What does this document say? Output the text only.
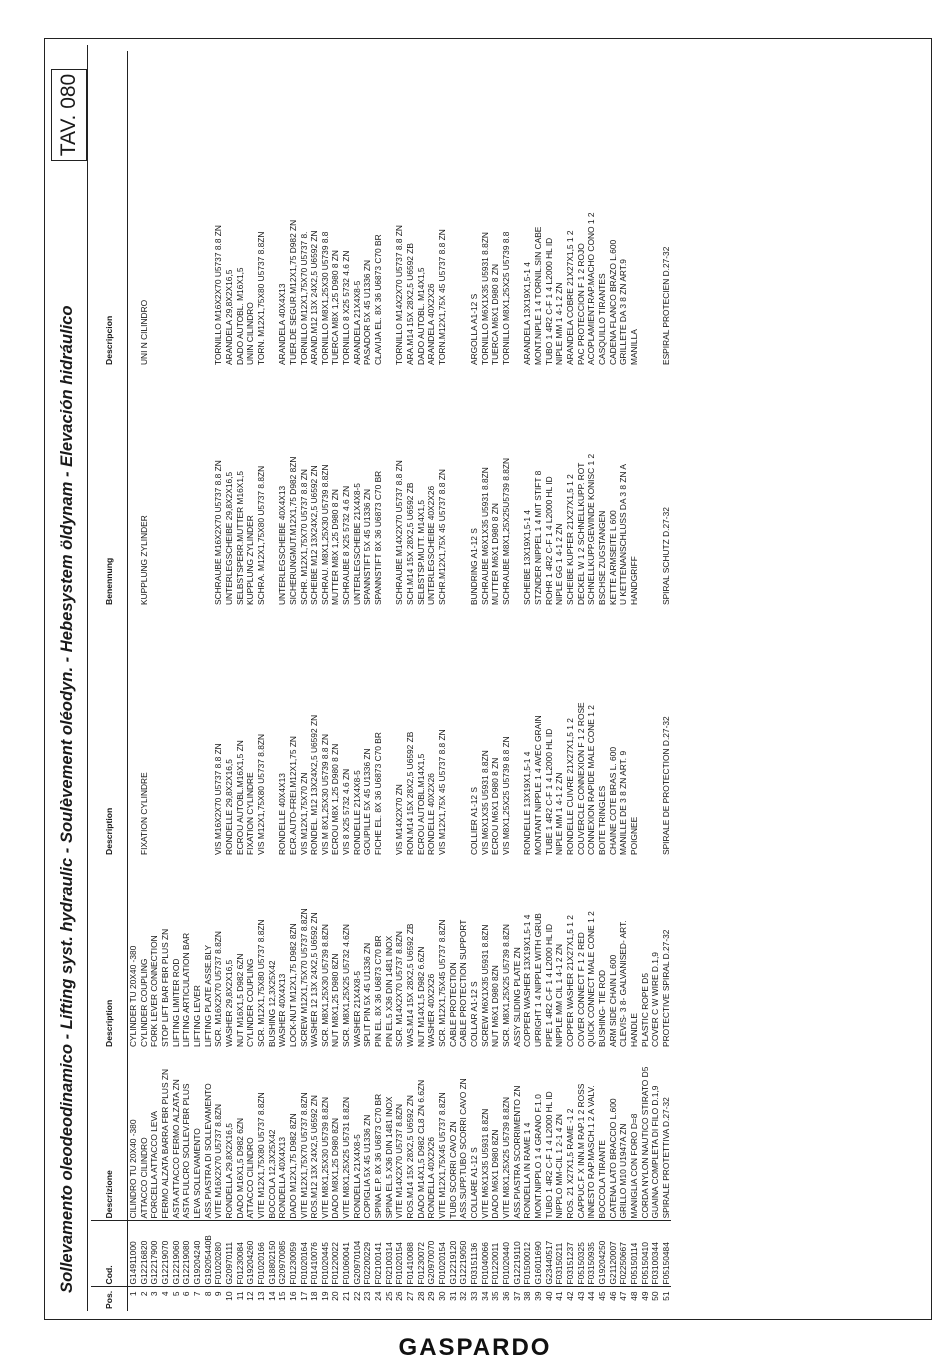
Sollevamento oleodeodinamico - Lifting syst. hydraulic - Soulèvement oléodyn. - Hebesystem öldynam - Elevación hidráulico
TAV. 080
Pos.	Cod.	Descrizione	Description	Description	Benennung	Descripcion
1	G14911000	CILINDRO TU 20X40 -380	CYLINDER TU 20X40 -380			
2	G12216820	ATTACCO CILINDRO	CYLINDER COUPLING	FIXATION CYLINDRE	KUPPLUNG ZYLINDER	UNI N CILINDRO
3	G12217900	FORCELLA ATTACCO LEVA	FORK LEVER CONNECTION			
4	G12219070	FERMO ALZATA BARRA FBR PLUS ZN	STOP LIFT BAR FBR PLUS ZN			
5	G12219060	ASTA ATTACCO FERMO ALZATA ZN	LIFTING LIMITER ROD			
6	G12219080	ASTA FULCRO SOLLEV.FBR PLUS	LIFTING ARTICULATION BAR			
7	G19204240	LEVA SOLLEVAMENTO	LIFTING LEVER			
8	G19205440B	ASS.PIASTRA DI SOLLEVAMENTO	LIFTING PLATE ASSE.BLY			
9	F01020280	VITE M16X2X70 U5737 8.8ZN	SCR. M16X2X70 U5737 8.8ZN	VIS M16X2X70 U5737 8.8 ZN	SCHRAUBE M16X2X70 U5737 8.8 ZN	TORNILLO M16X2X70 U5737 8.8 ZN
10	G20970111	RONDELLA 29,8X2X16,5	WASHER 29,8X2X16,5	RONDELLE 29,8X2X16,5	UNTERLEGSCHEIBE 29,8X2X16,5	ARANDELA 29,8X2X16,5
11	F01230084	DADO M16X1,5 D982 6ZN	NUT M16X1,5 D982 6ZN	ECROU AUTOBL.M16X1,5 ZN	SELBSTSPERR.MUTTER M16X1,5	DADO AUTOBL. M16X1,5
12	G19204260	ATTACCO CILINDRO	CYLINDER COUPLING	FIXATION CYLINDRE	KUPPLUNG ZYLINDER	UNIN CILINDRO
13	F01020166	VITE M12X1,75X80 U5737 8.8ZN	SCR. M12X1,75X80 U5737 8.8ZN	VIS M12X1,75X80 U5737 8.8ZN	SCHRA. M12X1,75X80 U5737 8.8ZN	TORN. M12X1,75X80 U5737 8.8ZN
14	G18802150	BOCCOLA 12,3X25X42	BUSHING 12,3X25X42			
15	G20970085	RONDELLA 40X4X13	WASHER 40X4X13	RONDELLE 40X4X13	UNTERLEGSCHEIBE 40X4X13	ARANDELA 40X4X13
16	F01230059	DADO M12X1,75 D982 8ZN	LOCK-NUT M12X1,75 D982 8ZN	ECR.AUTO-FREI.M12X1,75 ZN	SICHERUNGMUT.M12X1,75 D982 8ZN	TUER.DE SEGUR.M12X1,75 D982 ZN
17	F01020164	VITE M12X1,75X70 U5737 8.8ZN	SCREW M12X1,75X70 U5737 8.8ZN	VIS M12X1,75X70 ZN	SCHR. M12X1,75X70 U5737 8.8 ZN	TORNILLO M12X1,75X70 U5737 8.
18	F01410076	ROS.M12 13X 24X2,5 U6592 ZN	WASHER 12 13X 24X2,5 U6592 ZN	RONDEL. M12 13X24X2,5 U6592 ZN	SCHEIBE M12 13X24X2,5 U6592 ZN	ARAND.M12 13X 24X2,5 U6592 ZN
19	F01020445	VITE M8X1,25X30 U5739 8.8ZN	SCR. M8X1,25X30 U5739 8.8ZN	VIS M 8X1,25X30 U5739 8.8 ZN	SCHRAU. M8X1,25X30 U5739 8.8ZN	TORNILLO M8X1,25X30 U5739 8.8
20	F01220022	DADO M8X1,25 D980 8ZN	NUT M8X1,25 D980 8ZN	ECROU M8X 1,25 D980 8 ZN	MUTTER M8X 1,25 D980 8 ZN	TUERCA M8X 1,25 D980 8 ZN
21	F01060041	VITE M8X1,25X25 U5731 8.8ZN	SCR. M8X1,25X25 U5732 4.6ZN	VIS 8 X25 5732 4.6 ZN	SCHRAUBE 8 X25 5732 4.6 ZN	TORNILLO 8 X25 5732 4.6 ZN
22	G20970104	RONDELLA 21X4X8-5	WASHER 21X4X8-5	RONDELLE 21X4X8-5	UNTERLEGSCHEIBE 21X4X8-5	ARANDELA 21X4X8-5
23	F02200229	COPIGLIA 5X 45 U1336 ZN	SPLIT PIN 5X 45 U1336 ZN	GOUPILLE 5X 45 U1336 ZN	SPANNSTIFT 5X 45 U1336 ZN	PASADOR 5X 45 U1336 ZN
24	F02100141	SPINA E.P. 8X 36 U6873 C70 BR	PIN EL. 8X 36 U6873 C70 BR	FICHE EL. 8X 36 U6873 C70 BR	SPANNSTIFT 8X 36 U6873 C70 BR	CLAVIJA EL. 8X 36 U6873 C70 BR
25	F02100314	SPINA EL.5 X36 DIN 1481 INOX	PIN EL.5 X36 DIN 1481 INOX			
26	F01020154	VITE M14X2X70 U5737 8.8ZN	SCR. M14X2X70 U5737 8.8ZN	VIS M14X2X70 ZN	SCHRAUBE M14X2X70 U5737 8.8 ZN	TORNILLO M14X2X70 U5737 8.8 ZN
27	F01410088	ROS.M14 15X 28X2,5 U6592 ZN	WAS.M14 15X 28X2,5 U6592 ZB	RON.M14 15X 28X2,5 U6592 ZB	SCH.M14 15X 28X2,5 U6592 ZB	ARA.M14 15X 28X2,5 U6592 ZB
28	F01230072	DADO M14X1,5 D982 CL8 ZN 6.6ZN	NUT M14X1,5 D982 6.6ZN	ECROU AUTOBL.M14X1,5	SELBSTSP.MUTT. M14X1,5	DADO AUTOBL. M14X1,5
29	G20970070	RONDELLA 40X2X26	WASHER 40X2X26	RONDELLE 40X2X26	UNTERLEGSCHEIBE 40X2X26	ARANDELA 40X2X26
30	F01020154	VITE M12X1,75X45 U5737 8.8ZN	SCR. M12X1,75X45 U5737 8.8ZN	VIS M12X1,75X 45 U5737 8.8 ZN	SCHR.M12X1,75X 45 U5737 8.8 ZN	TORN.M12X1,75X 45 U5737 8.8 ZN
31	G12219120	TUBO SCORRI CAVO ZN	CABLE PROTECTION			
32	G12219050	ASS.SUPP.TUBO SCORRI CAVO ZN	CABLE PROTECTION SUPPORT			
33	F03151136	COLLARE A1-12 S	COLLAR A1-12 S	COLLIER A1-12 S	BUNDRING A1-12 S	ARGOLLA A1-12 S
34	F01040066	VITE M6X1X35 U5931 8.8ZN	SCREW M6X1X35 U5931 8.8ZN	VIS M6X1X35 U5931 8.8ZN	SCHRAUBE M6X1X35 U5931 8.8ZN	TORNILLO M6X1X35 U5931 8.8ZN
35	F01220011	DADO M6X1 D980 8ZN	NUT M6X1 D980 8ZN	ECROU M6X1 D980 8 ZN	MUTTER M6X1 D980 8 ZN	TUERCA M6X1 D980 8 ZN
36	F01020440	VITE M8X1,25X25 U5739 8.8ZN	SCR. M8X1,25X25 U5739 8.8ZN	VIS M8X1,25X25 U5739 8.8 ZN	SCHRAUBE M8X1,25X25U5739 8.8ZN	TORNILLO M8X1,25X25 U5739 8.8
37	G12219110	ASS.PIASTRA SCORRIMENTO ZN	ASSY SLIDING PLATE ZN			
38	F01500012	RONDELLA IN RAME 1 4	COPPER WASHER 13X19X1,5-1 4	RONDELLE 13X19X1,5-1 4	SCHEIBE 13X19X1,5-1 4	ARANDELA 13X19X1,5-1 4
39	G16011690	MONT.NIPPLO 1 4 GRANO F.1.0	UPRIGHT 1 4 NIPPLE WITH GRUB	MONTANT NIPPLE 1 4 AVEC GRAIN	STZNDER NIPPEL 1 4 MIT STIFT 8	MONT.NIPLE 1 4 TORNIL.SIN CABE
40	G23440517	TUBO 1 4R2 C-F 1 4 L2000 HL ID	PIPE 1 4R2 C-F 1 4 L2000 HL ID	TUBE 1 4R2 C-F 1 4 L2000 HL ID	ROHR 1 4R2 C-F 1 4 L2000 HL ID	TUBO 1 4R2 C-F 1 4 L2000 HL ID
41	F03150211	NIPPLO MM-CIL 1 2-1 4 ZN	NIPPLE MM CIL 1 4-1 2 ZN	NIPLE MM 1 4-1 2 ZN	NIPLE GG 1 4-1 2 ZN	NIPLE MM 1 4-1 2 ZN
42	F03151237	ROS. 21 X27X1,5 RAME -1 2	COPPER WASHER 21X27X1,5 1 2	RONDELLE CUIVRE 21X27X1,5 1 2	SCHEIBE KUPFER 21X27X1,5 1 2	ARANDELA COBRE 21X27X1,5 1 2
43	F05150325	CAPPUC.F X INN.M RAP.1 2 ROSS	COVER CONNECT F 1 2 RED	COUVERCLE CONNEXION F 1 2 ROSE	DECKEL W 1 2 SCHNELLKUPP. ROT	PAC PROTECCION F 1 2 ROJO
44	F03150935	INNESTO RAP.MASCH.1 2 A VALV.	QUICK CONNECT MALE CONE 1 2	CONNEXION RAPIDE MALE CONE 1 2	SCHNELLKUPP.GEWINDE KONISC 1 2	ACOPLAMIENT.RAP.MACHO CONO 1 2
45	G19204250	BOCCOLA TIRANTE	BUSHING- TIE ROD	BOITE TRINGLES	BSCHSE ZUGSTANGEN	CASQUILLO TIRANTES
46	G21120007	CATENA LATO BRACCIO L.600	ARM SIDE CHAIN L.600	CHAINE COTE BRAS L. 600	KETTE ARMSEITE L 600	CADENA FLANCO BRAZO L.600
47	F02250667	GRILLO M10 U1947A ZN	CLEVIS- 3 8- GALVANISED- ART.	MANILLE DE 3 8 ZN ART. 9	U KETTENANSCHLUSS DA 3 8 ZN A	GRILLETE DA 3 8 ZN ART.9
48	F05150114	MANIGLIA CON FORO D=8	HANDLE	POIGNEE	HANDGRIFF	MANILLA
49	F05150410	CORDA NYLON NAUTICO STIRATO D5	PLASTIC ROPE D5			
50	F03100344	GUAINA COMPLETA DI FILO D.1,9	COVER C W WIRE D.1,9			
51	F05150484	SPIRALE PROTETTIVA D.27-32	PROTECTIVE SPIRAL D.27-32	SPIRALE DE PROTECTION D.27-32	SPIRAL SCHUTZ D.27-32	ESPIRAL PROTECIEN D.27-32
GASPARDO
